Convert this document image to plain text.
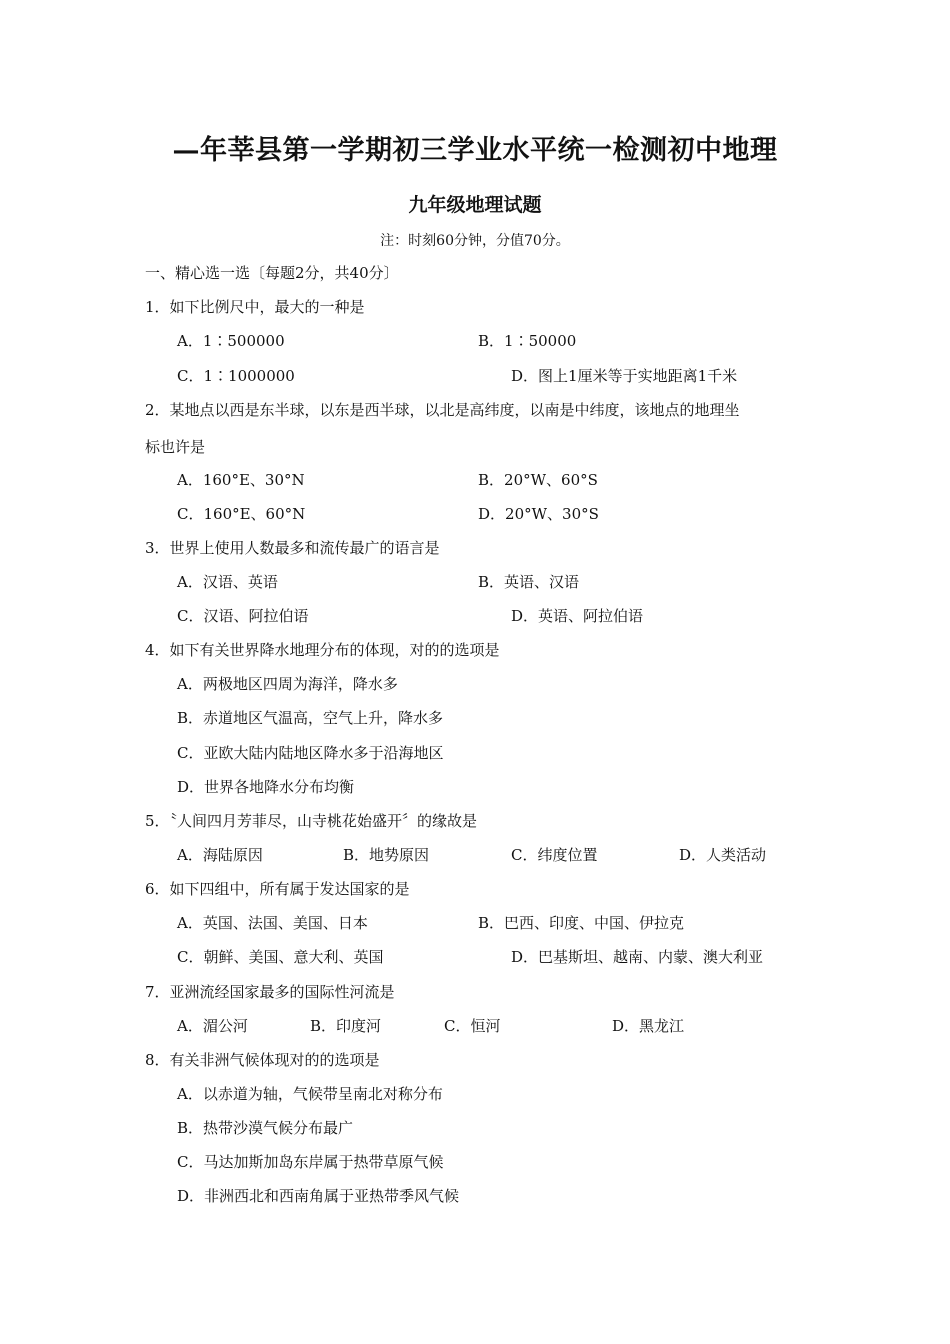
—年莘县第一学期初三学业水平统一检测初中地理
九年级地理试题
注：时刻60分钟，分值70分。
一、精心选一选〔每题2分，共40分〕
1．如下比例尺中，最大的一种是
A．1∶500000	B．1∶50000
C．1∶1000000	D．图上1厘米等于实地距离1千米
2．某地点以西是东半球，以东是西半球，以北是高纬度，以南是中纬度，该地点的地理坐
标也许是
A．160°E、30°N	B．20°W、60°S
C．160°E、60°N	D．20°W、30°S
3．世界上使用人数最多和流传最广的语言是
A．汉语、英语	B．英语、汉语
C．汉语、阿拉伯语	D．英语、阿拉伯语
4．如下有关世界降水地理分布的体现，对的的选项是
A．两极地区四周为海洋，降水多
B．赤道地区气温高，空气上升，降水多
C．亚欧大陆内陆地区降水多于沿海地区
D．世界各地降水分布均衡
5．〝人间四月芳菲尽，山寺桃花始盛开〞的缘故是
A．海陆原因	B．地势原因	C．纬度位置	D．人类活动
6．如下四组中，所有属于发达国家的是
A．英国、法国、美国、日本	B．巴西、印度、中国、伊拉克
C．朝鲜、美国、意大利、英国	D．巴基斯坦、越南、内蒙、澳大利亚
7．亚洲流经国家最多的国际性河流是
A．湄公河	B．印度河	C．恒河	D．黑龙江
8．有关非洲气候体现对的的选项是
A．以赤道为轴，气候带呈南北对称分布
B．热带沙漠气候分布最广
C．马达加斯加岛东岸属于热带草原气候
D．非洲西北和西南角属于亚热带季风气候
